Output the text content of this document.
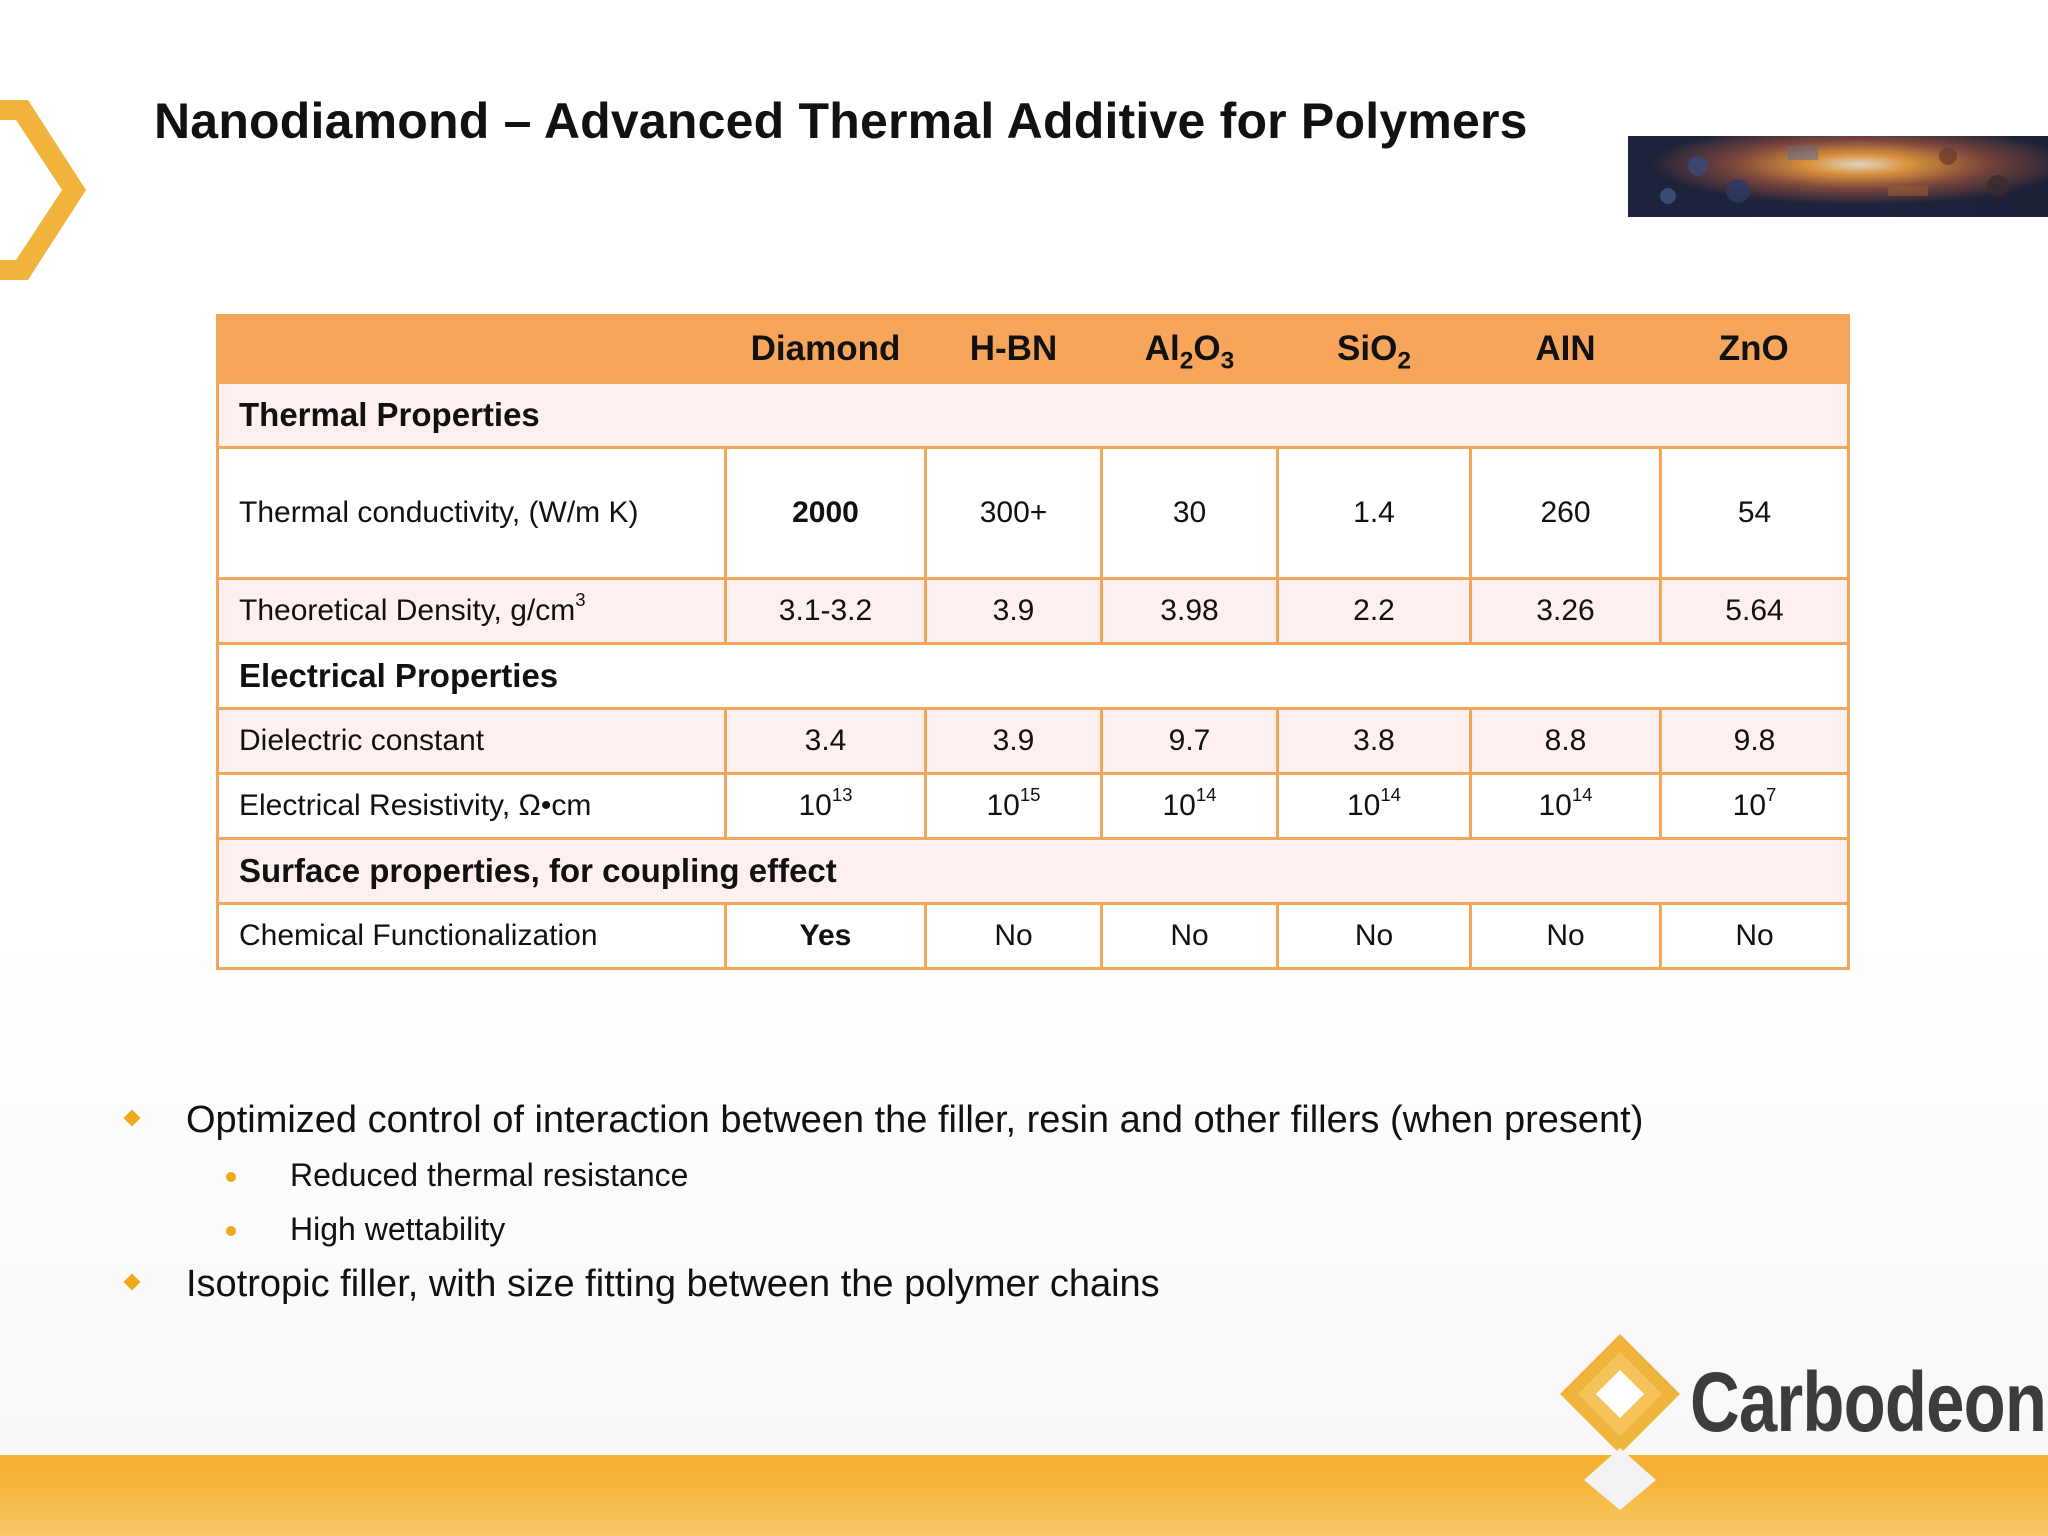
Nanodiamond – Advanced Thermal Additive for Polymers
	Diamond	H-BN	$Al_2O_3$	SiO$_2$	AIN	ZnO
Thermal Properties						
Thermal conductivity, (W/m K)	2000	300+	30	1.4	260	54
Theoretical Density, $g/cm^3$	3.1-3.2	3.9	3.98	2.2	3.26	5.64
Electrical Properties						
Dielectric constant	3.4	3.9	9.7	3.8	8.8	9.8
Electrical Resistivity, Ω•cm	$10^{13}$	$10^{15}$	$10^{14}$	$10^{14}$	$10^{14}$	$10^7$
Surface properties, for coupling effect						
Chemical Functionalization	Yes	No	No	No	No	No
Optimized control of interaction between the filler, resin and other fillers (when present)
Reduced thermal resistance
High wettability
Isotropic filler, with size fitting between the polymer chains
Carbodeon
